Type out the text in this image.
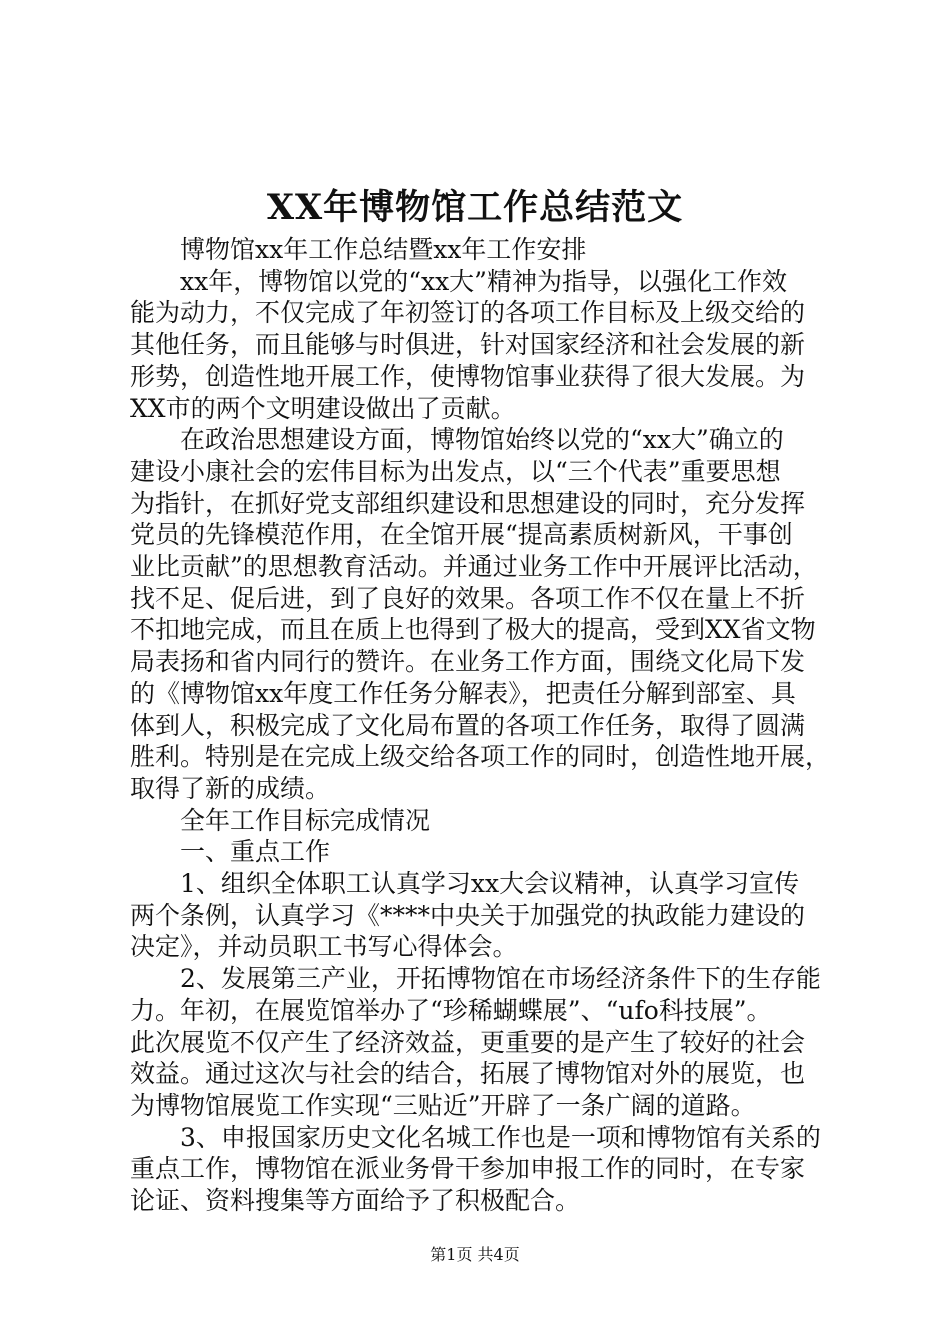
XX年博物馆工作总结范文

博物馆xx年工作总结暨xx年工作安排

xx年，博物馆以党的“xx大”精神为指导，以强化工作效
能为动力，不仅完成了年初签订的各项工作目标及上级交给的
其他任务，而且能够与时俱进，针对国家经济和社会发展的新
形势，创造性地开展工作，使博物馆事业获得了很大发展。为
XX市的两个文明建设做出了贡献。

在政治思想建设方面，博物馆始终以党的“xx大”确立的
建设小康社会的宏伟目标为出发点，以“三个代表”重要思想
为指针，在抓好党支部组织建设和思想建设的同时，充分发挥
党员的先锋模范作用，在全馆开展“提高素质树新风，干事创
业比贡献”的思想教育活动。并通过业务工作中开展评比活动，
找不足、促后进，到了良好的效果。各项工作不仅在量上不折
不扣地完成，而且在质上也得到了极大的提高，受到XX省文物
局表扬和省内同行的赞许。在业务工作方面，围绕文化局下发
的《博物馆xx年度工作任务分解表》，把责任分解到部室、具
体到人，积极完成了文化局布置的各项工作任务，取得了圆满
胜利。特别是在完成上级交给各项工作的同时，创造性地开展，
取得了新的成绩。

全年工作目标完成情况

一、重点工作

1、组织全体职工认真学习xx大会议精神，认真学习宣传
两个条例，认真学习《****中央关于加强党的执政能力建设的
决定》，并动员职工书写心得体会。

2、发展第三产业，开拓博物馆在市场经济条件下的生存能
力。年初，在展览馆举办了“珍稀蝴蝶展”、“ufo科技展”。
此次展览不仅产生了经济效益，更重要的是产生了较好的社会
效益。通过这次与社会的结合，拓展了博物馆对外的展览，也
为博物馆展览工作实现“三贴近”开辟了一条广阔的道路。

3、申报国家历史文化名城工作也是一项和博物馆有关系的
重点工作，博物馆在派业务骨干参加申报工作的同时，在专家
论证、资料搜集等方面给予了积极配合。

第1页 共4页
